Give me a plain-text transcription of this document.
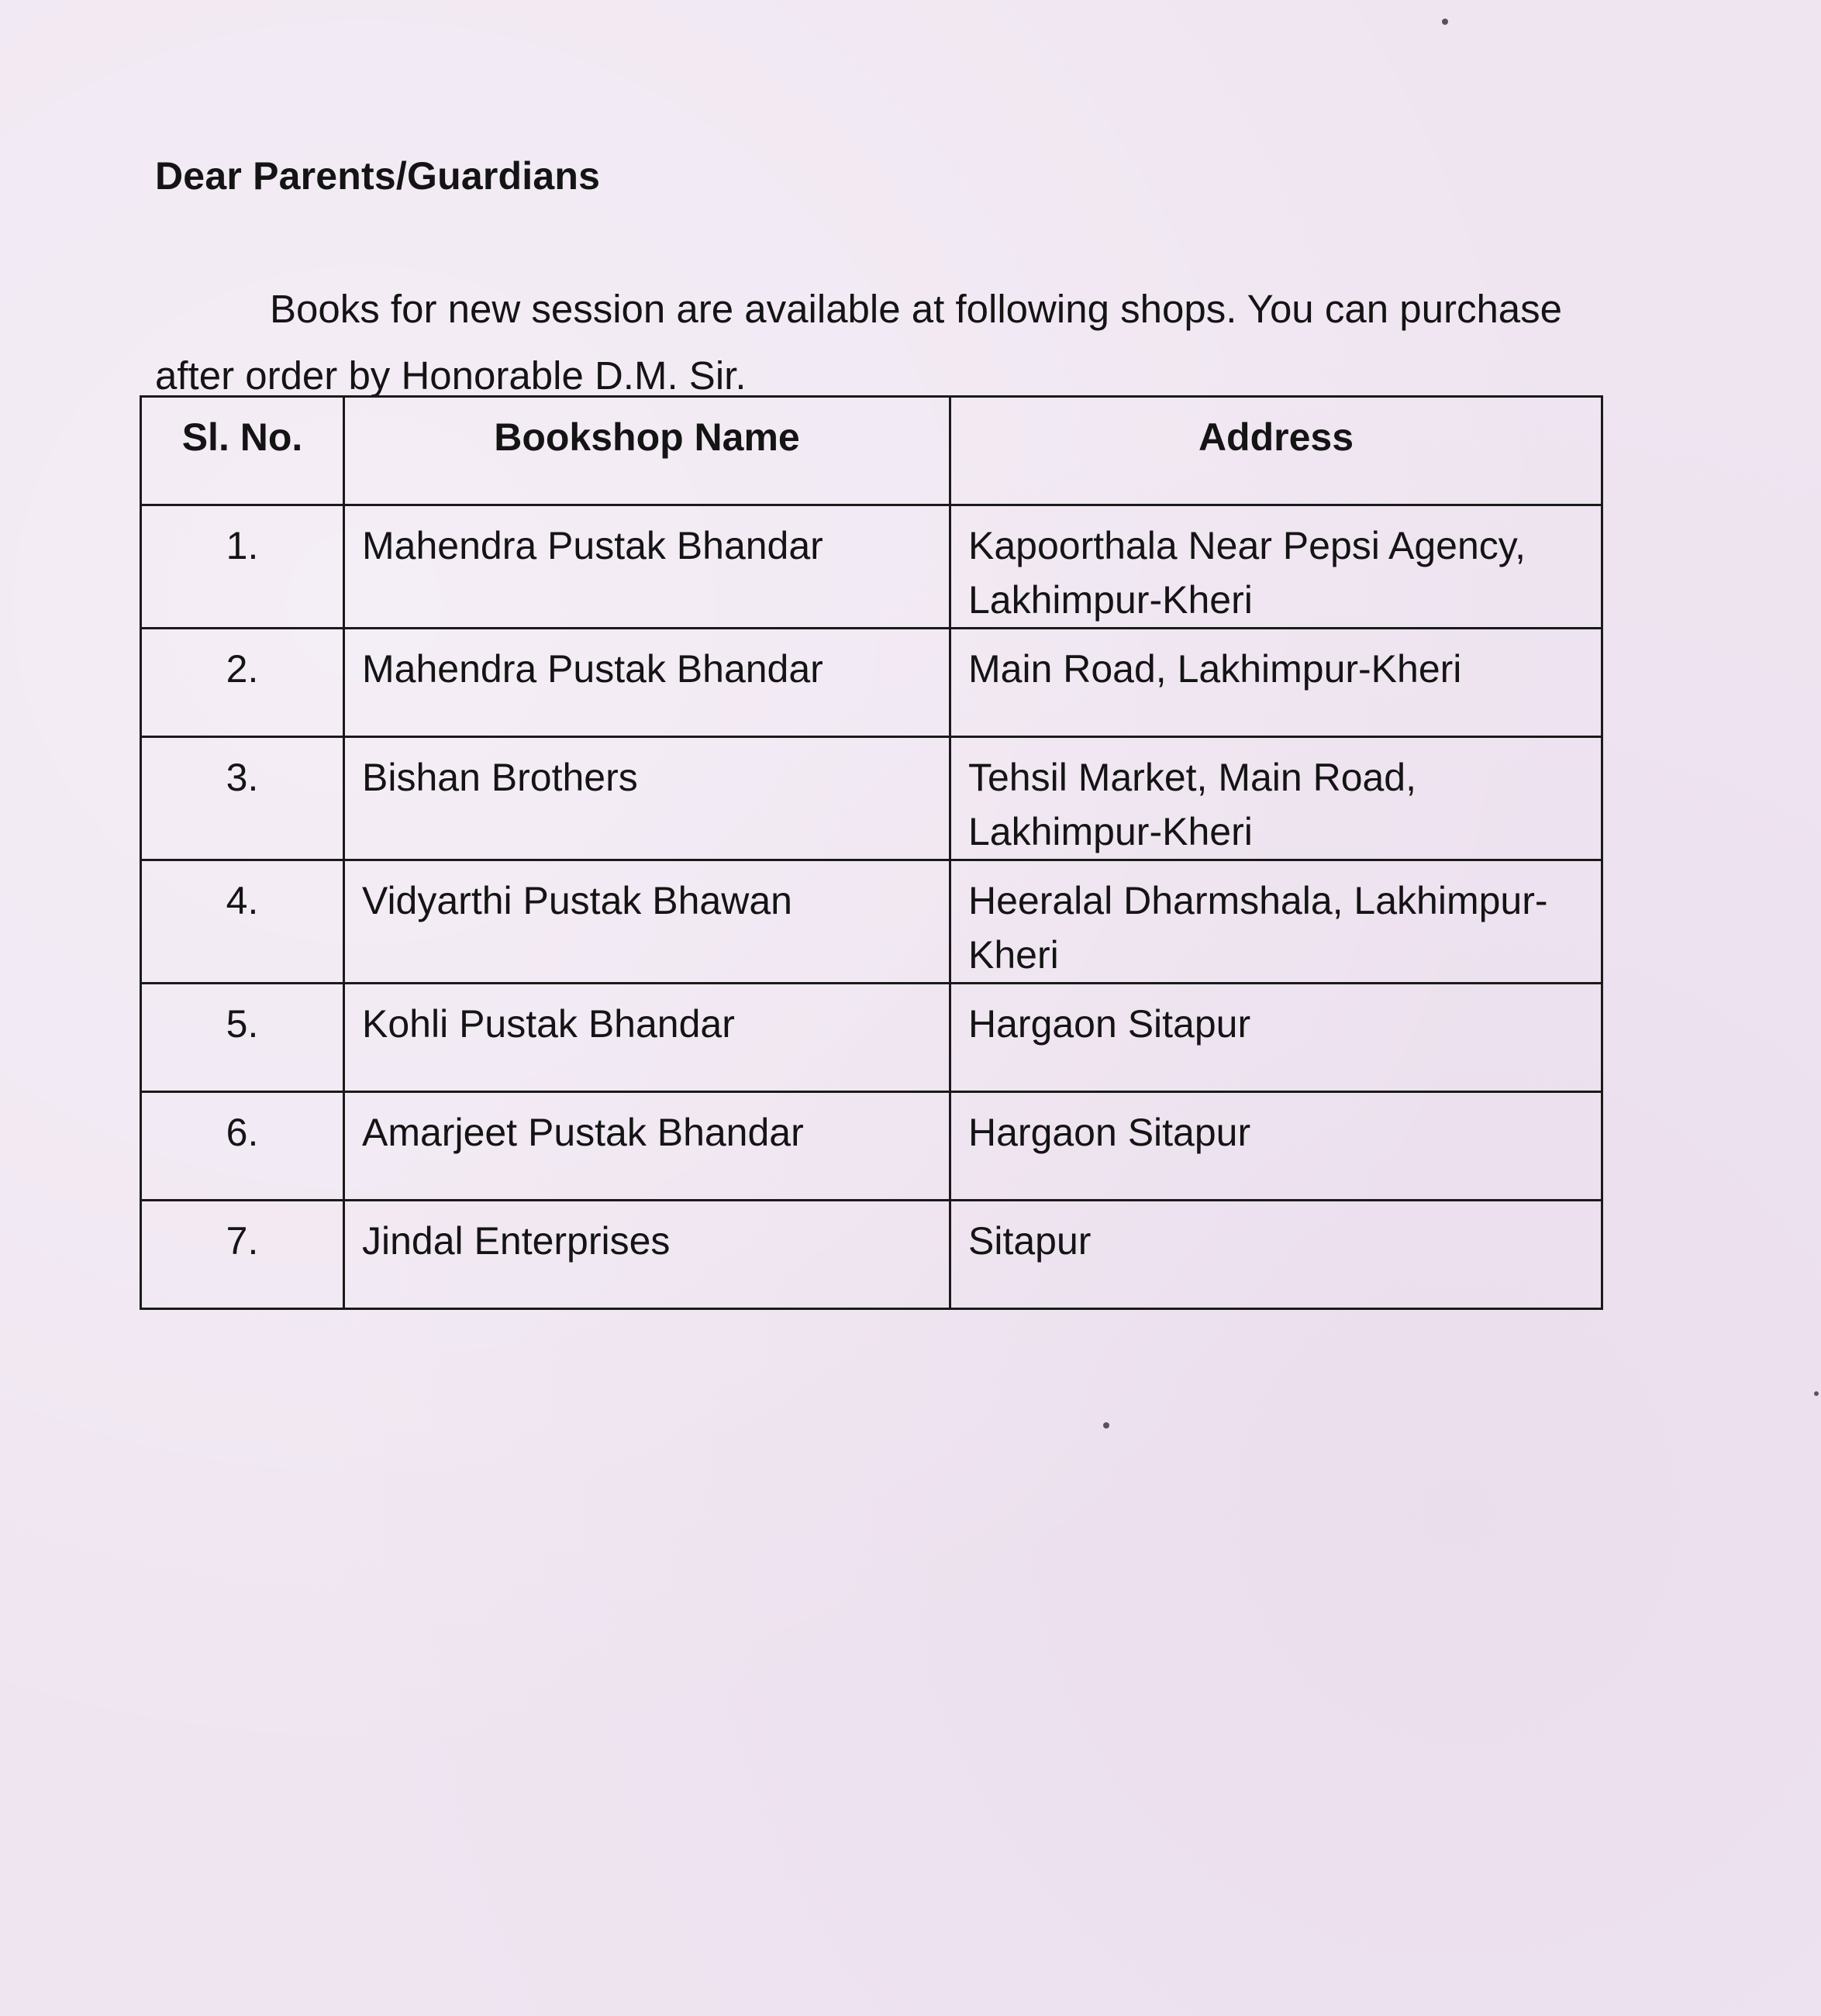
Dear Parents/Guardians

Books for new session are available at following shops. You can purchase after order by Honorable D.M. Sir.

Sl. No.	Bookshop Name	Address
1.	Mahendra Pustak Bhandar	Kapoorthala Near Pepsi Agency, Lakhimpur-Kheri
2.	Mahendra Pustak Bhandar	Main Road, Lakhimpur-Kheri
3.	Bishan Brothers	Tehsil Market, Main Road, Lakhimpur-Kheri
4.	Vidyarthi Pustak Bhawan	Heeralal Dharmshala, Lakhimpur-Kheri
5.	Kohli Pustak Bhandar	Hargaon Sitapur
6.	Amarjeet Pustak Bhandar	Hargaon Sitapur
7.	Jindal Enterprises	Sitapur
